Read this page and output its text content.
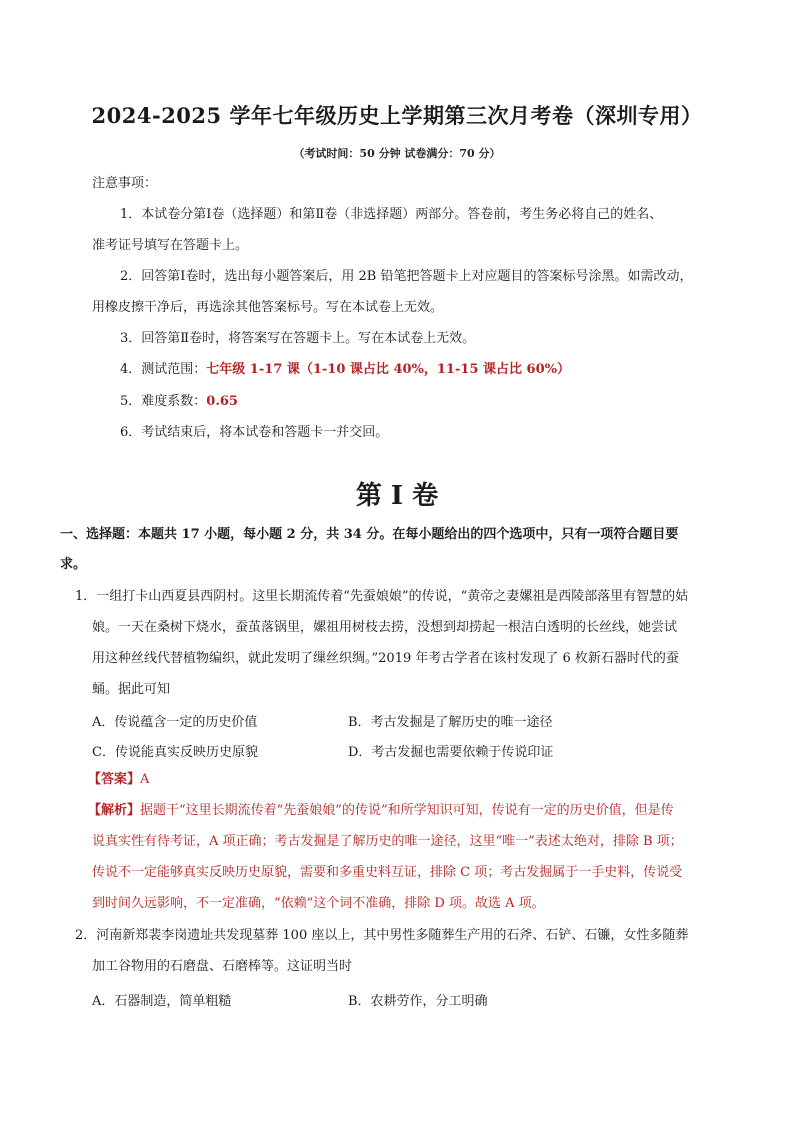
2024-2025 学年七年级历史上学期第三次月考卷（深圳专用）
（考试时间：50 分钟 试卷满分：70 分）
注意事项：
1．本试卷分第Ⅰ卷（选择题）和第Ⅱ卷（非选择题）两部分。答卷前，考生务必将自己的姓名、
准考证号填写在答题卡上。
2．回答第Ⅰ卷时，选出每小题答案后，用 2B 铅笔把答题卡上对应题目的答案标号涂黑。如需改动，
用橡皮擦干净后，再选涂其他答案标号。写在本试卷上无效。
3．回答第Ⅱ卷时，将答案写在答题卡上。写在本试卷上无效。
4．测试范围：七年级 1-17 课（1-10 课占比 40%，11-15 课占比 60%）
5．难度系数：0.65
6．考试结束后，将本试卷和答题卡一并交回。
第 I 卷
一、选择题：本题共 17 小题，每小题 2 分，共 34 分。在每小题给出的四个选项中，只有一项符合题目要
求。
1．一组打卡山西夏县西阴村。这里长期流传着“先蚕娘娘”的传说，“黄帝之妻嫘祖是西陵部落里有智慧的姑
娘。一天在桑树下烧水，蚕茧落锅里，嫘祖用树枝去捞，没想到却捞起一根洁白透明的长丝线，她尝试
用这种丝线代替植物编织，就此发明了缫丝织绸。”2019 年考古学者在该村发现了 6 枚新石器时代的蚕
蛹。据此可知
A．传说蕴含一定的历史价值	B．考古发掘是了解历史的唯一途径
C．传说能真实反映历史原貌	D．考古发掘也需要依赖于传说印证
【答案】A
【解析】据题干“这里长期流传着“先蚕娘娘”的传说”和所学知识可知，传说有一定的历史价值，但是传
说真实性有待考证，A 项正确；考古发掘是了解历史的唯一途径，这里“唯一”表述太绝对，排除 B 项；
传说不一定能够真实反映历史原貌，需要和多重史料互证，排除 C 项；考古发掘属于一手史料，传说受
到时间久远影响，不一定准确，“依赖”这个词不准确，排除 D 项。故选 A 项。
2．河南新郑裴李岗遗址共发现墓葬 100 座以上，其中男性多随葬生产用的石斧、石铲、石镰，女性多随葬
加工谷物用的石磨盘、石磨棒等。这证明当时
A．石器制造，简单粗糙	B．农耕劳作，分工明确
